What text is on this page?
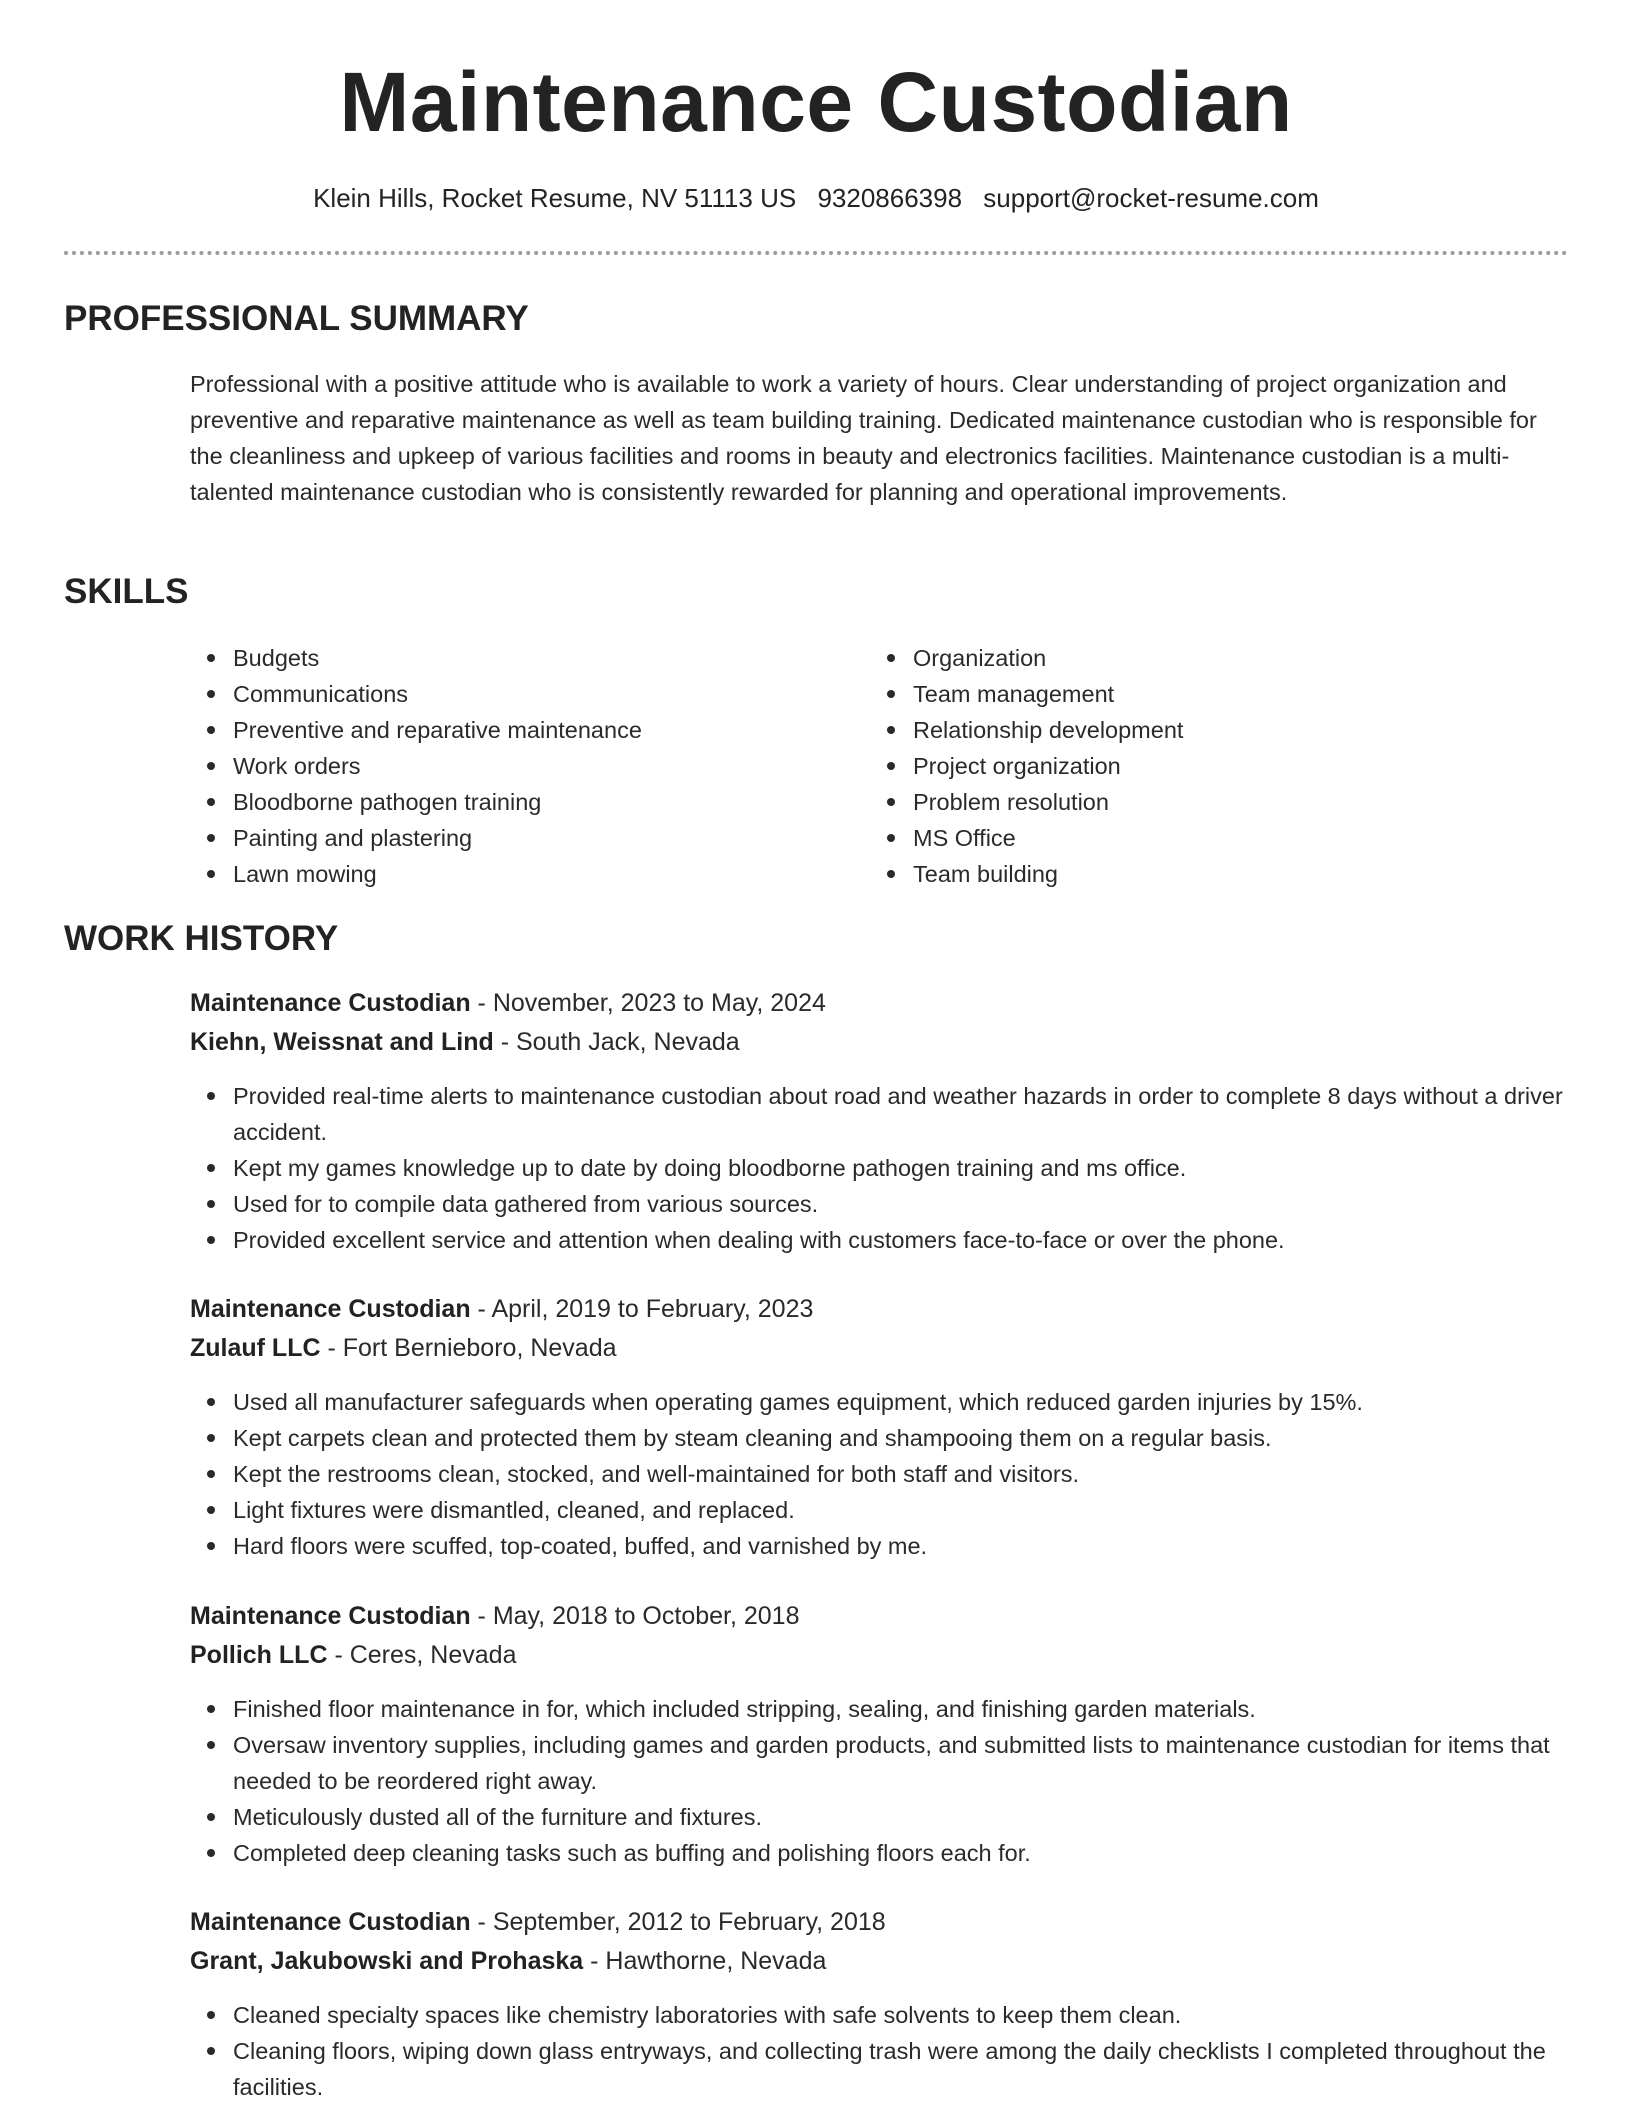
Maintenance Custodian
Klein Hills, Rocket Resume, NV 51113 US 9320866398 support@rocket-resume.com
PROFESSIONAL SUMMARY

Professional with a positive attitude who is available to work a variety of hours. Clear understanding of project organization and preventive and reparative maintenance as well as team building training. Dedicated maintenance custodian who is responsible for the cleanliness and upkeep of various facilities and rooms in beauty and electronics facilities. Maintenance custodian is a multi-talented maintenance custodian who is consistently rewarded for planning and operational improvements.

SKILLS
Budgets
Communications
Preventive and reparative maintenance
Work orders
Bloodborne pathogen training
Painting and plastering
Lawn mowing
Organization
Team management
Relationship development
Project organization
Problem resolution
MS Office
Team building
WORK HISTORY
Maintenance Custodian - November, 2023 to May, 2024
Kiehn, Weissnat and Lind - South Jack, Nevada
Provided real-time alerts to maintenance custodian about road and weather hazards in order to complete 8 days without a driver accident.
Kept my games knowledge up to date by doing bloodborne pathogen training and ms office.
Used for to compile data gathered from various sources.
Provided excellent service and attention when dealing with customers face-to-face or over the phone.
Maintenance Custodian - April, 2019 to February, 2023
Zulauf LLC - Fort Bernieboro, Nevada
Used all manufacturer safeguards when operating games equipment, which reduced garden injuries by 15%.
Kept carpets clean and protected them by steam cleaning and shampooing them on a regular basis.
Kept the restrooms clean, stocked, and well-maintained for both staff and visitors.
Light fixtures were dismantled, cleaned, and replaced.
Hard floors were scuffed, top-coated, buffed, and varnished by me.
Maintenance Custodian - May, 2018 to October, 2018
Pollich LLC - Ceres, Nevada
Finished floor maintenance in for, which included stripping, sealing, and finishing garden materials.
Oversaw inventory supplies, including games and garden products, and submitted lists to maintenance custodian for items that needed to be reordered right away.
Meticulously dusted all of the furniture and fixtures.
Completed deep cleaning tasks such as buffing and polishing floors each for.
Maintenance Custodian - September, 2012 to February, 2018
Grant, Jakubowski and Prohaska - Hawthorne, Nevada
Cleaned specialty spaces like chemistry laboratories with safe solvents to keep them clean.
Cleaning floors, wiping down glass entryways, and collecting trash were among the daily checklists I completed throughout the facilities.
